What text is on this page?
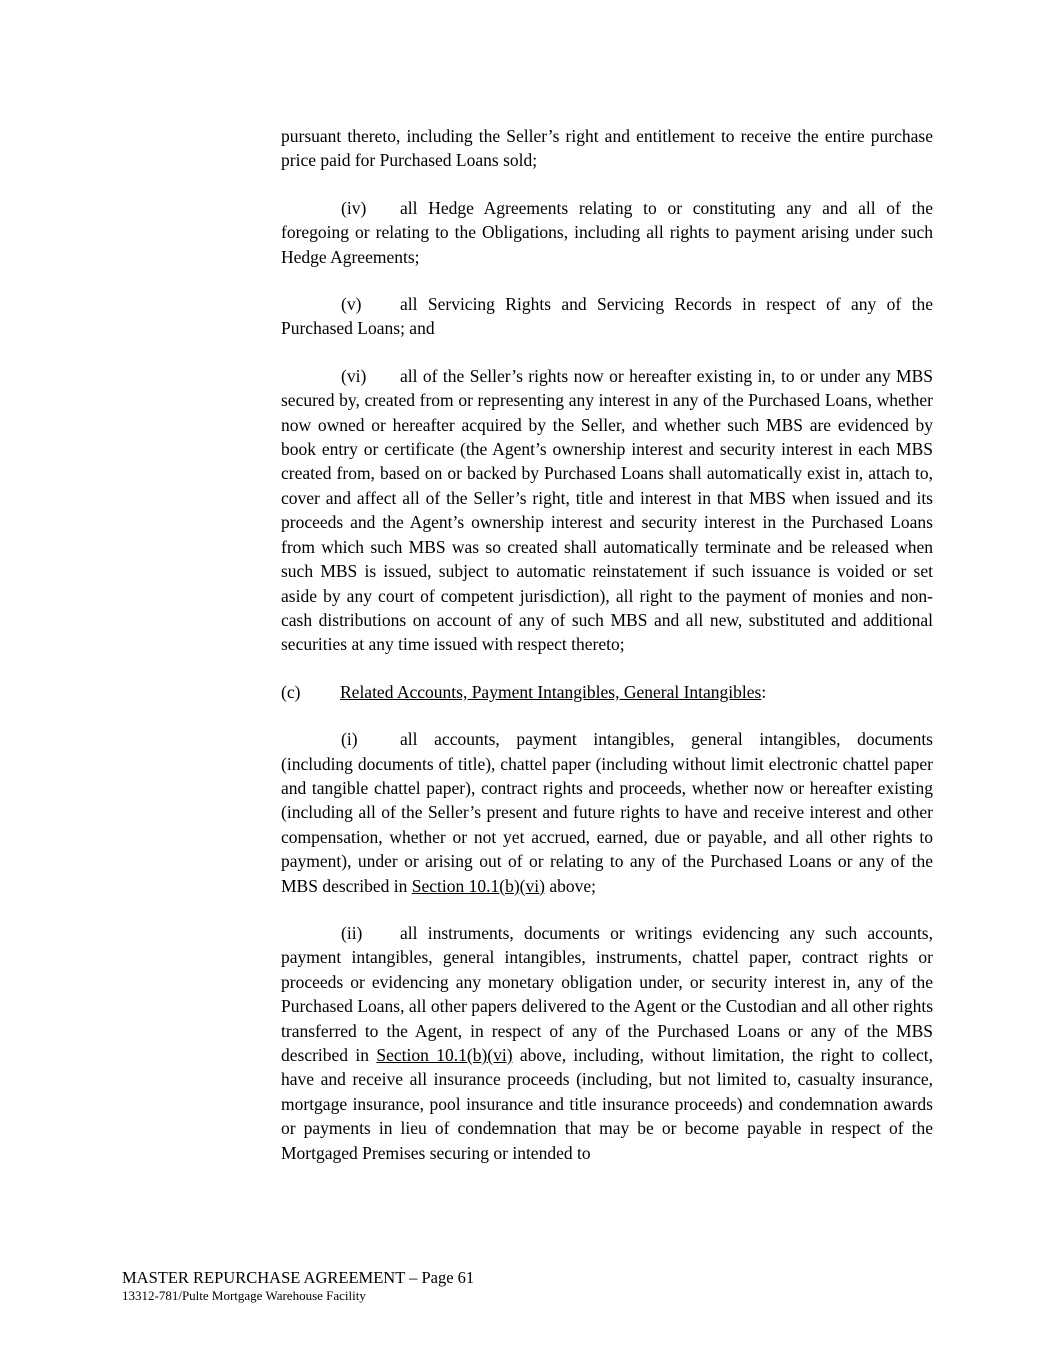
pursuant thereto, including the Seller’s right and entitlement to receive the entire purchase price paid for Purchased Loans sold;

(iv) all Hedge Agreements relating to or constituting any and all of the foregoing or relating to the Obligations, including all rights to payment arising under such Hedge Agreements;

(v) all Servicing Rights and Servicing Records in respect of any of the Purchased Loans; and

(vi) all of the Seller’s rights now or hereafter existing in, to or under any MBS secured by, created from or representing any interest in any of the Purchased Loans, whether now owned or hereafter acquired by the Seller, and whether such MBS are evidenced by book entry or certificate (the Agent’s ownership interest and security interest in each MBS created from, based on or backed by Purchased Loans shall automatically exist in, attach to, cover and affect all of the Seller’s right, title and interest in that MBS when issued and its proceeds and the Agent’s ownership interest and security interest in the Purchased Loans from which such MBS was so created shall automatically terminate and be released when such MBS is issued, subject to automatic reinstatement if such issuance is voided or set aside by any court of competent jurisdiction), all right to the payment of monies and non-cash distributions on account of any of such MBS and all new, substituted and additional securities at any time issued with respect thereto;

(c) Related Accounts, Payment Intangibles, General Intangibles:

(i) all accounts, payment intangibles, general intangibles, documents (including documents of title), chattel paper (including without limit electronic chattel paper and tangible chattel paper), contract rights and proceeds, whether now or hereafter existing (including all of the Seller’s present and future rights to have and receive interest and other compensation, whether or not yet accrued, earned, due or payable, and all other rights to payment), under or arising out of or relating to any of the Purchased Loans or any of the MBS described in Section 10.1(b)(vi) above;

(ii) all instruments, documents or writings evidencing any such accounts, payment intangibles, general intangibles, instruments, chattel paper, contract rights or proceeds or evidencing any monetary obligation under, or security interest in, any of the Purchased Loans, all other papers delivered to the Agent or the Custodian and all other rights transferred to the Agent, in respect of any of the Purchased Loans or any of the MBS described in Section 10.1(b)(vi) above, including, without limitation, the right to collect, have and receive all insurance proceeds (including, but not limited to, casualty insurance, mortgage insurance, pool insurance and title insurance proceeds) and condemnation awards or payments in lieu of condemnation that may be or become payable in respect of the Mortgaged Premises securing or intended to

MASTER REPURCHASE AGREEMENT – Page 61
13312-781/Pulte Mortgage Warehouse Facility
